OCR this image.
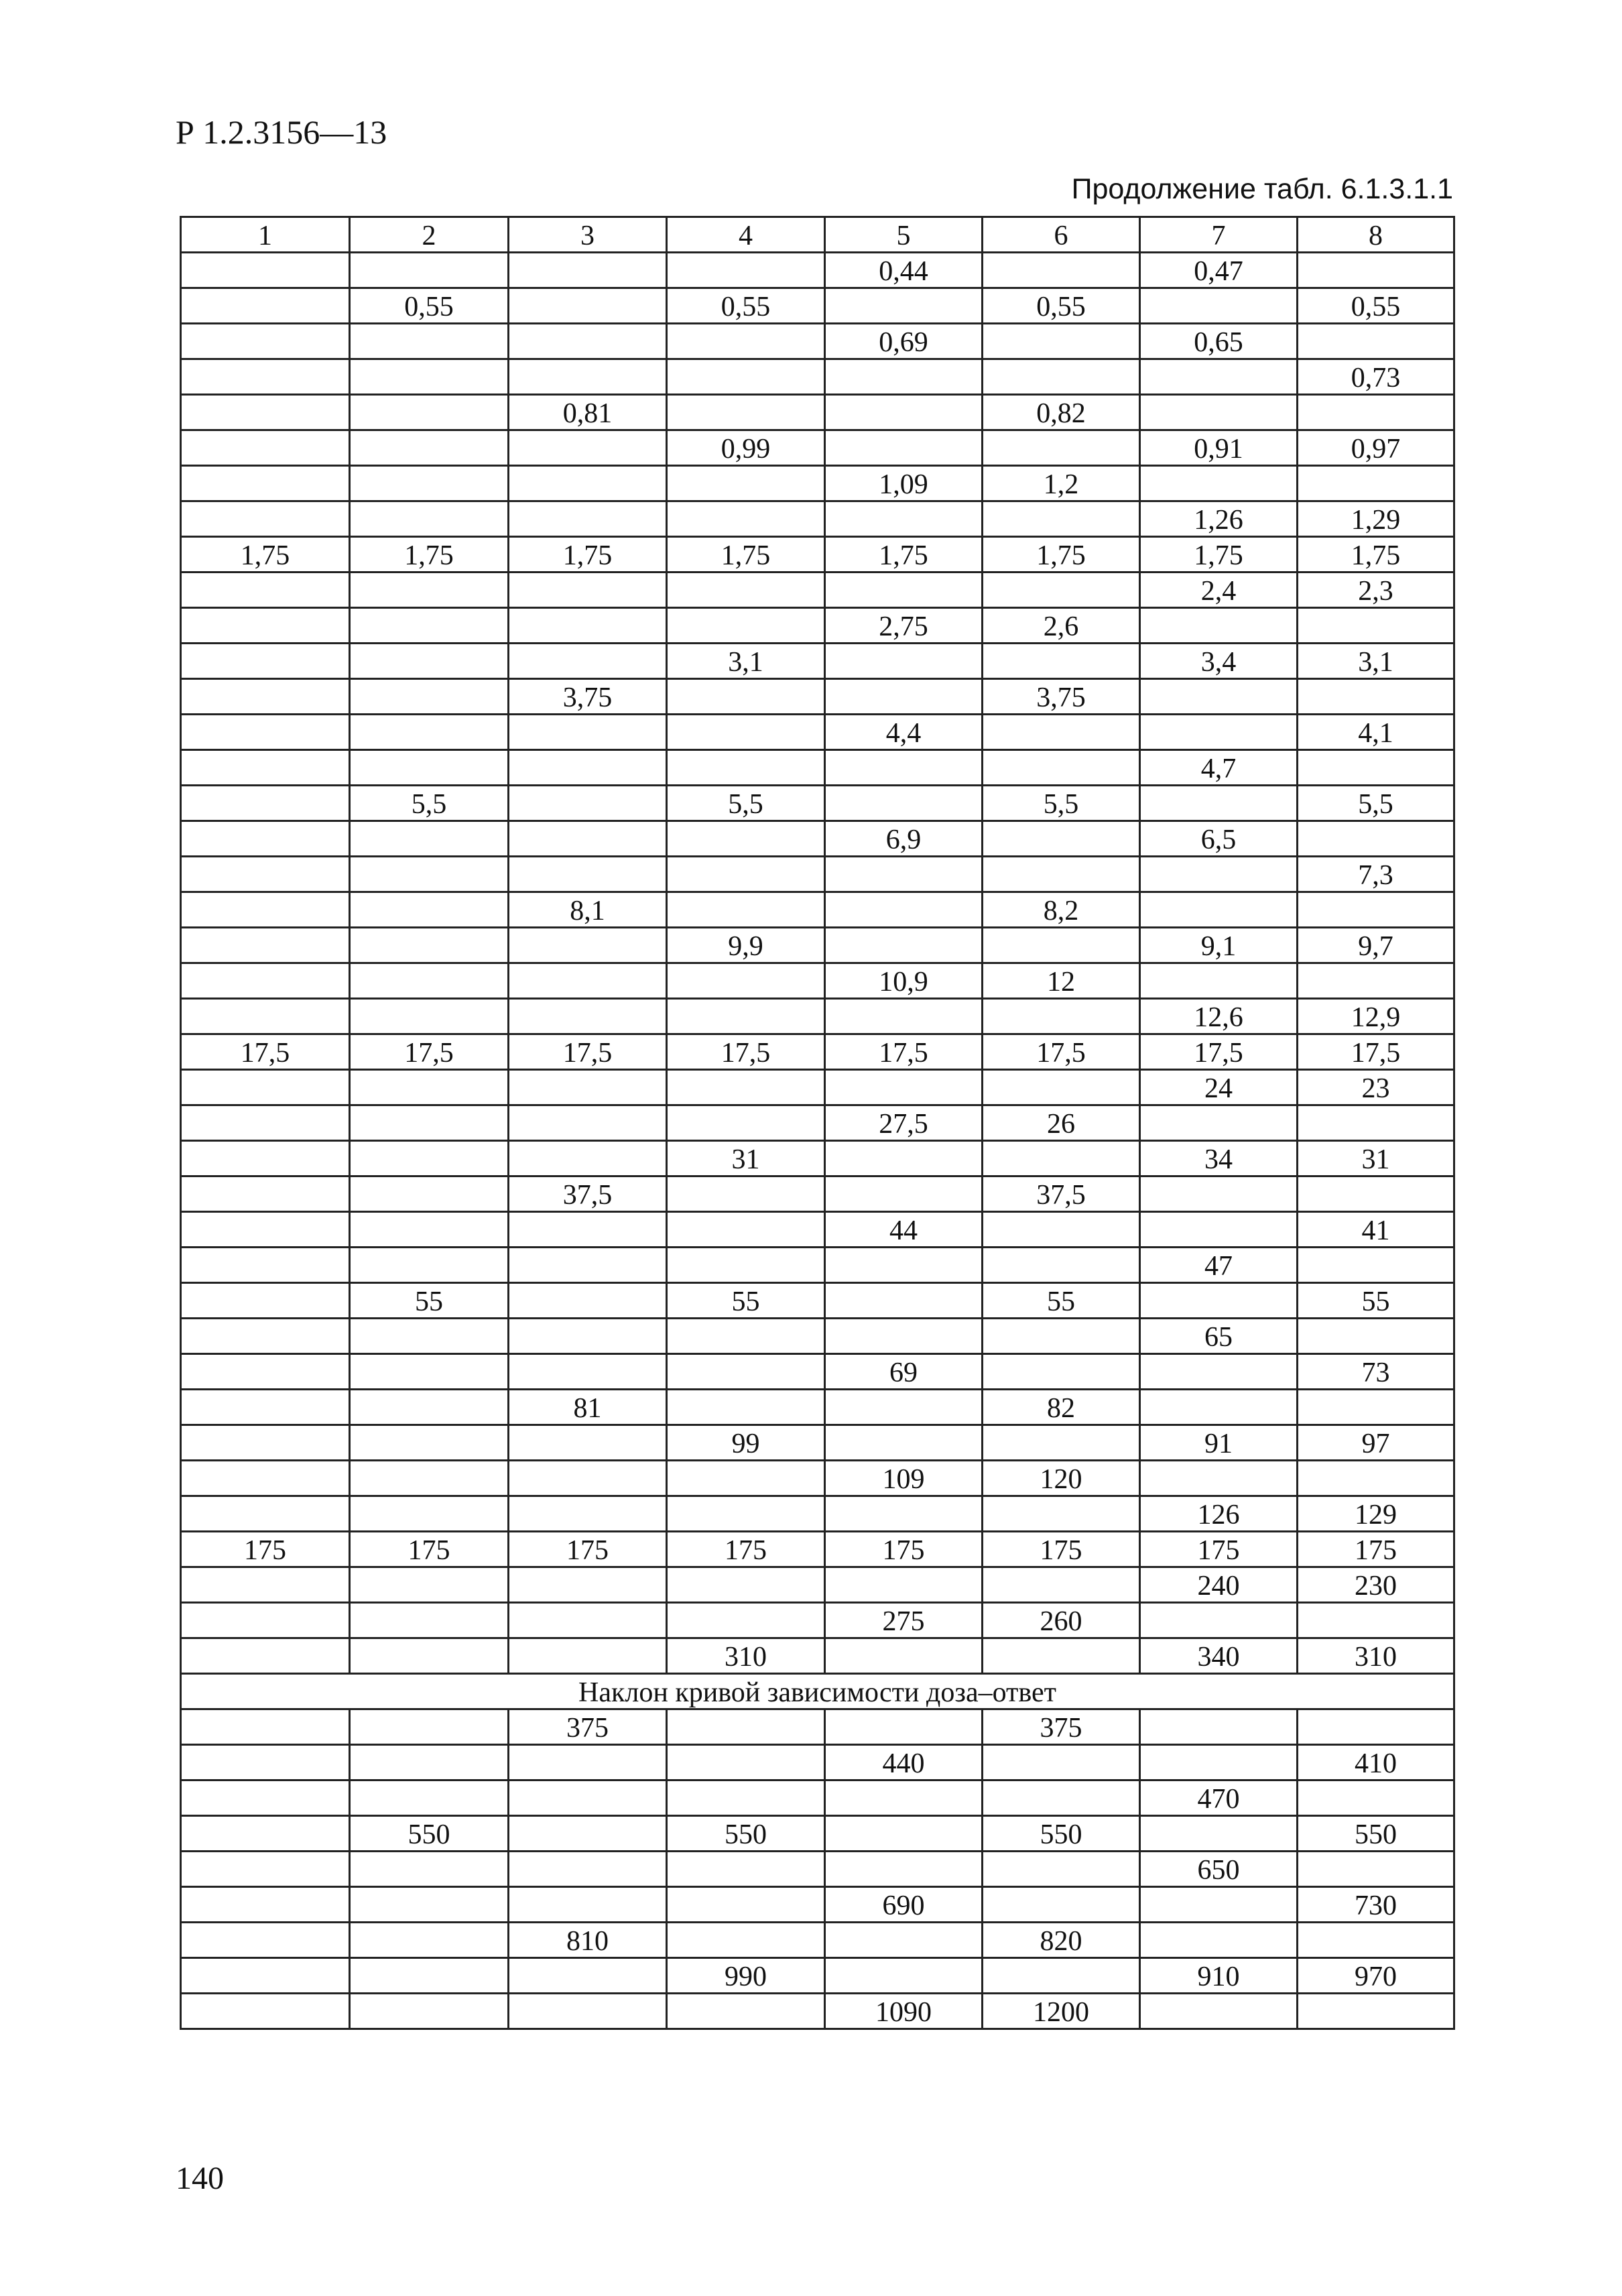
Р 1.2.3156—13
Продолжение табл. 6.1.3.1.1
1	2	3	4	5	6	7	8
				0,44		0,47	
	0,55		0,55		0,55		0,55
				0,69		0,65	
							0,73
		0,81			0,82		
			0,99			0,91	0,97
				1,09	1,2		
						1,26	1,29
1,75	1,75	1,75	1,75	1,75	1,75	1,75	1,75
						2,4	2,3
				2,75	2,6		
			3,1			3,4	3,1
		3,75			3,75		
				4,4			4,1
						4,7	
	5,5		5,5		5,5		5,5
				6,9		6,5	
							7,3
		8,1			8,2		
			9,9			9,1	9,7
				10,9	12		
						12,6	12,9
17,5	17,5	17,5	17,5	17,5	17,5	17,5	17,5
						24	23
				27,5	26		
			31			34	31
		37,5			37,5		
				44			41
						47	
	55		55		55		55
						65	
				69			73
		81			82		
			99			91	97
				109	120		
						126	129
175	175	175	175	175	175	175	175
						240	230
				275	260		
			310			340	310
Наклон кривой зависимости доза–ответ							
		375			375		
				440			410
						470	
	550		550		550		550
						650	
				690			730
		810			820		
			990			910	970
				1090	1200		
140
